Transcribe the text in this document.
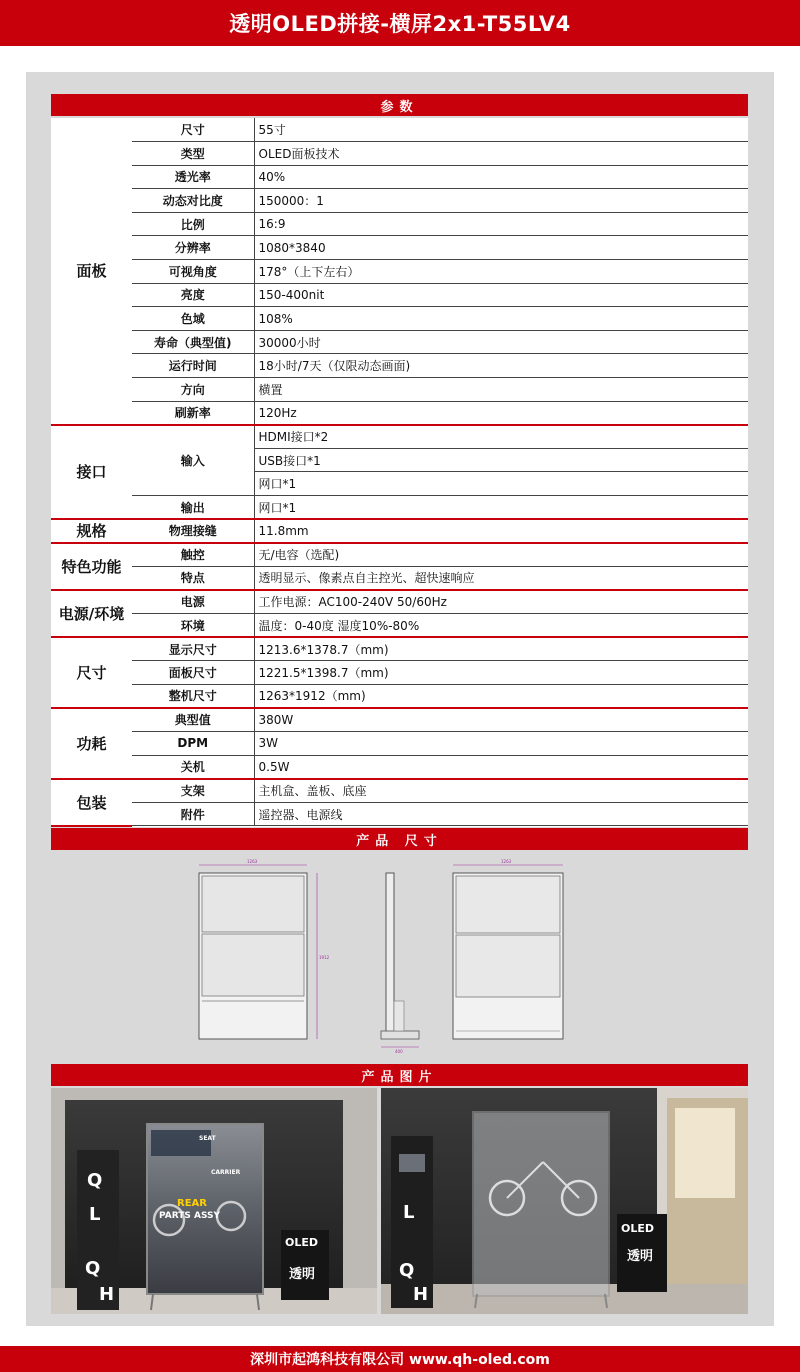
透明OLED拼接-横屏2x1-T55LV4
参数
面板	尺寸	55寸
	类型	OLED面板技术
	透光率	40%
	动态对比度	150000：1
	比例	16:9
	分辨率	1080*3840
	可视角度	178°（上下左右）
	亮度	150-400nit
	色域	108%
	寿命（典型值)	30000小时
	运行时间	18小时/7天（仅限动态画面)
	方向	横置
	刷新率	120Hz
接口	输入	HDMI接口*2
		USB接口*1
		网口*1
	输出	网口*1
规格	物理接缝	11.8mm
特色功能	触控	无/电容（选配)
	特点	透明显示、像素点自主控光、超快速响应
电源/环境	电源	工作电源：AC100-240V 50/60Hz
	环境	温度：0-40度 湿度10%-80%
尺寸	显示尺寸	1213.6*1378.7（mm)
	面板尺寸	1221.5*1398.7（mm)
	整机尺寸	1263*1912（mm)
功耗	典型值	380W
	DPM	3W
	关机	0.5W
包装	支架	主机盒、盖板、底座
	附件	遥控器、电源线
产品 尺寸
1263
1912
400
1263
产品图片
SEAT
CARRIER
REAR
PARTS ASSY
Q
L
Q
H
OLED
透明
L
Q
H
OLED
透明
深圳市起鸿科技有限公司 www.qh-oled.com
